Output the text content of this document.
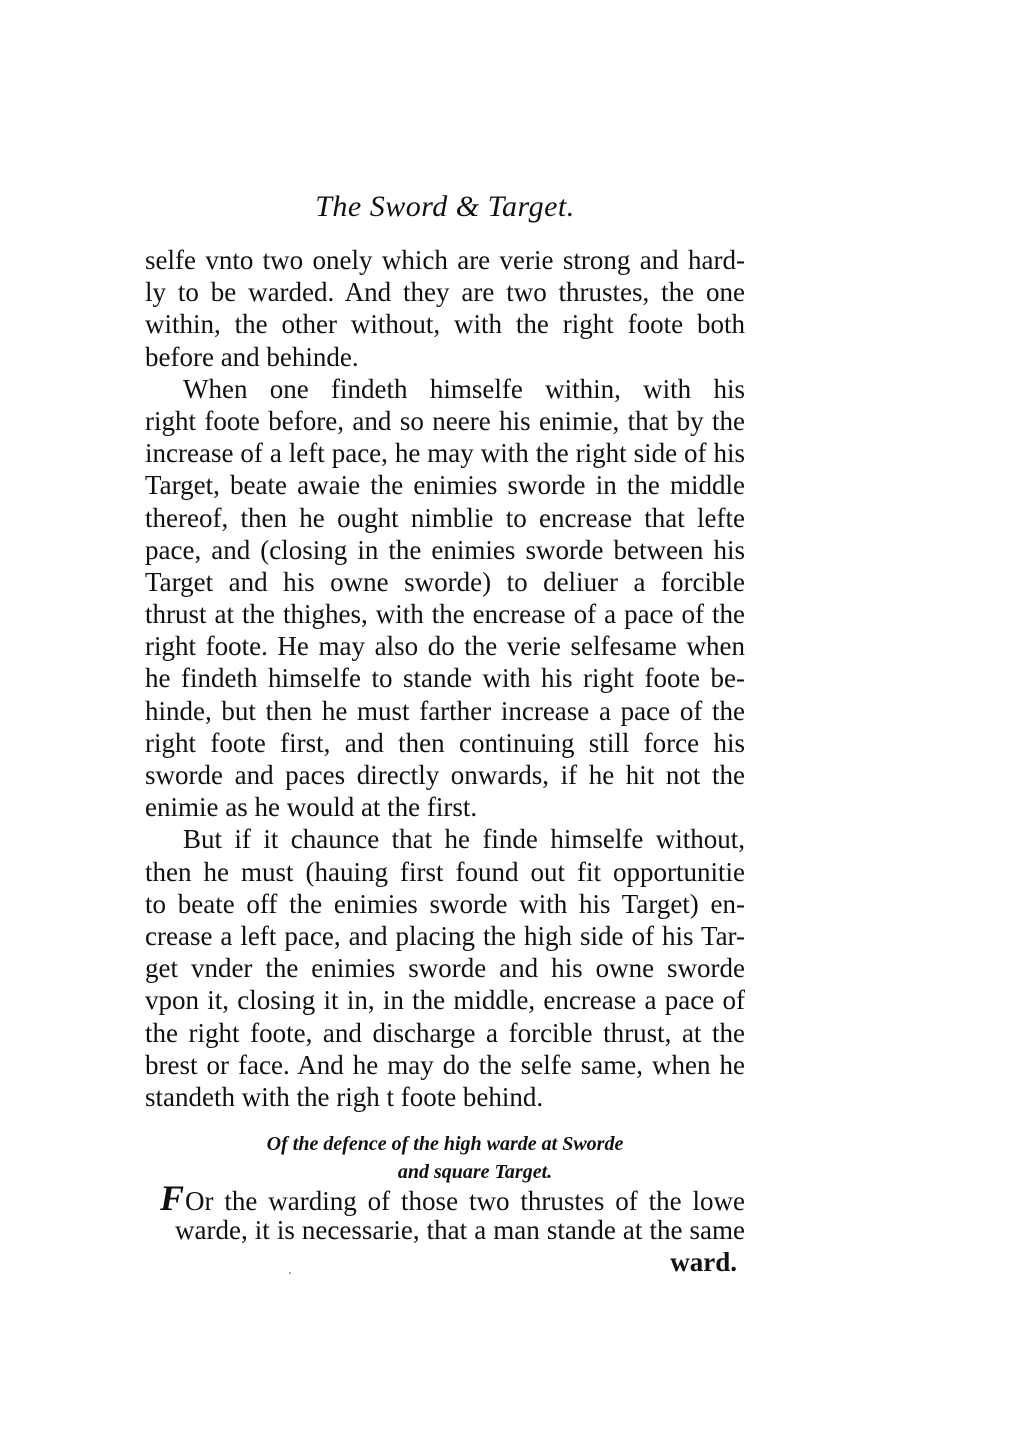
The Sword & Target.
selfe vnto two onely which are verie strong and hard-
ly to be warded. And they are two thrustes, the one
within, the other without, with the right foote both
before and behinde.
When one findeth himselfe within, with his
right foote before, and so neere his enimie, that by the
increase of a left pace, he may with the right side of his
Target, beate awaie the enimies sworde in the middle
thereof, then he ought nimblie to encrease that lefte
pace, and (closing in the enimies sworde between his
Target and his owne sworde) to deliuer a forcible
thrust at the thighes, with the encrease of a pace of the
right foote. He may also do the verie selfesame when
he findeth himselfe to stande with his right foote be-
hinde, but then he must farther increase a pace of the
right foote first, and then continuing still force his
sworde and paces directly onwards, if he hit not the
enimie as he would at the first.
But if it chaunce that he finde himselfe without,
then he must (hauing first found out fit opportunitie
to beate off the enimies sworde with his Target) en-
crease a left pace, and placing the high side of his Tar-
get vnder the enimies sworde and his owne sworde
vpon it, closing it in, in the middle, encrease a pace of
the right foote, and discharge a forcible thrust, at the
brest or face. And he may do the selfe same, when he
standeth with the righ t foote behind.
Of the defence of the high warde at Sworde
and square Target.
FOr the warding of those two thrustes of the lowe
warde, it is necessarie, that a man stande at the same
ward.
